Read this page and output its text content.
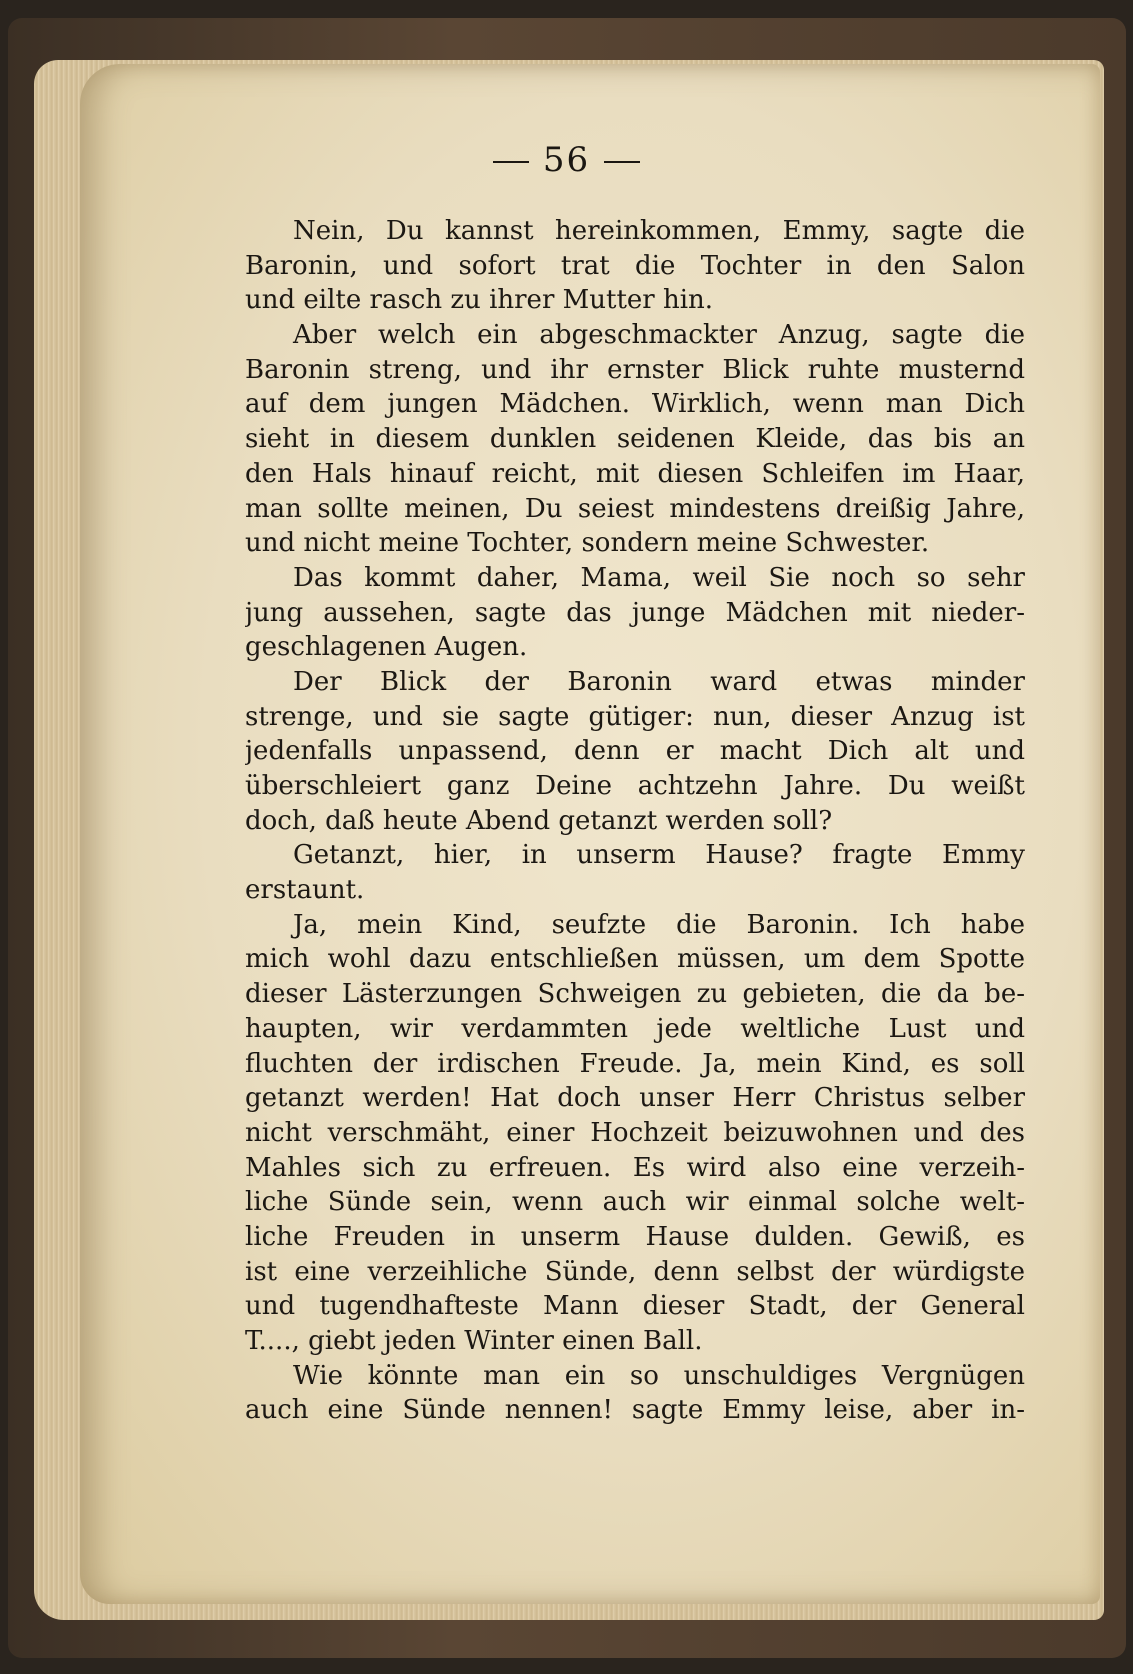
56
Nein, Du kannst hereinkommen, Emmy, sagte die
Baronin, und sofort trat die Tochter in den Salon
und eilte rasch zu ihrer Mutter hin.
Aber welch ein abgeschmackter Anzug, sagte die
Baronin streng, und ihr ernster Blick ruhte musternd
auf dem jungen Mädchen. Wirklich, wenn man Dich
sieht in diesem dunklen seidenen Kleide, das bis an
den Hals hinauf reicht, mit diesen Schleifen im Haar,
man sollte meinen, Du seiest mindestens dreißig Jahre,
und nicht meine Tochter, sondern meine Schwester.
Das kommt daher, Mama, weil Sie noch so sehr
jung aussehen, sagte das junge Mädchen mit nieder-
geschlagenen Augen.
Der Blick der Baronin ward etwas minder
strenge, und sie sagte gütiger: nun, dieser Anzug ist
jedenfalls unpassend, denn er macht Dich alt und
überschleiert ganz Deine achtzehn Jahre. Du weißt
doch, daß heute Abend getanzt werden soll?
Getanzt, hier, in unserm Hause? fragte Emmy
erstaunt.
Ja, mein Kind, seufzte die Baronin. Ich habe
mich wohl dazu entschließen müssen, um dem Spotte
dieser Lästerzungen Schweigen zu gebieten, die da be-
haupten, wir verdammten jede weltliche Lust und
fluchten der irdischen Freude. Ja, mein Kind, es soll
getanzt werden! Hat doch unser Herr Christus selber
nicht verschmäht, einer Hochzeit beizuwohnen und des
Mahles sich zu erfreuen. Es wird also eine verzeih-
liche Sünde sein, wenn auch wir einmal solche welt-
liche Freuden in unserm Hause dulden. Gewiß, es
ist eine verzeihliche Sünde, denn selbst der würdigste
und tugendhafteste Mann dieser Stadt, der General
T...., giebt jeden Winter einen Ball.
Wie könnte man ein so unschuldiges Vergnügen
auch eine Sünde nennen! sagte Emmy leise, aber in-
